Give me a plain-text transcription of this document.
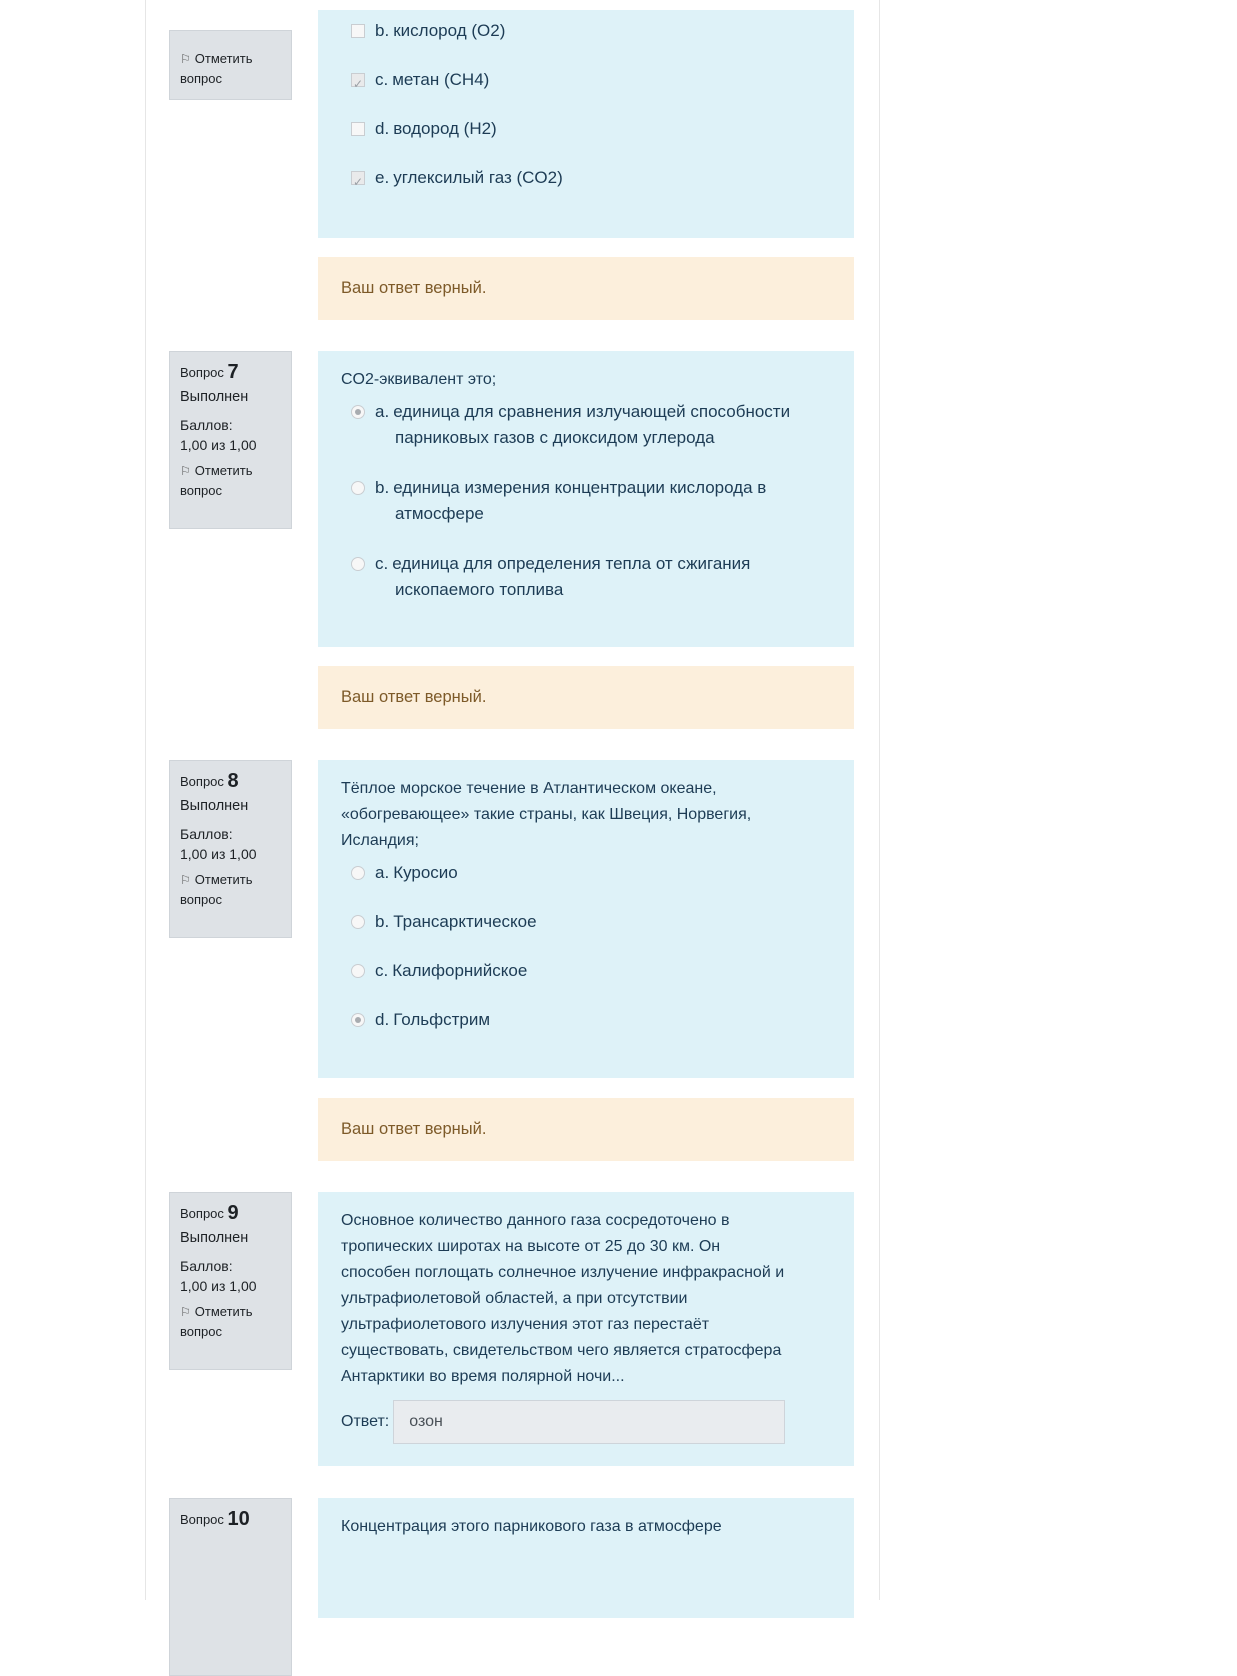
⚐ Отметить вопрос
b. кислород (O2)
✓
c. метан (CH4)
d. водород (H2)
✓
e. углексилый газ (CO2)
Ваш ответ верный.
Вопрос 7
Выполнен
Баллов:
1,00 из 1,00
⚐ Отметить вопрос
CO2-эквивалент это;
a. единица для сравнения излучающей способности
парниковых газов с диоксидом углерода
b. единица измерения концентрации кислорода в
атмосфере
c. единица для определения тепла от сжигания
ископаемого топлива
Ваш ответ верный.
Вопрос 8
Выполнен
Баллов:
1,00 из 1,00
⚐ Отметить вопрос
Тёплое морское течение в Атлантическом океане,
«обогревающее» такие страны, как Швеция, Норвегия,
Исландия;
a. Куросио
b. Трансарктическое
c. Калифорнийское
d. Гольфстрим
Ваш ответ верный.
Вопрос 9
Выполнен
Баллов:
1,00 из 1,00
⚐ Отметить вопрос
Основное количество данного газа сосредоточено в
тропических широтах на высоте от 25 до 30 км. Он
способен поглощать солнечное излучение инфракрасной и
ультрафиолетовой областей, а при отсутствии
ультрафиолетового излучения этот газ перестаёт
существовать, свидетельством чего является стратосфера
Антарктики во время полярной ночи...
Ответ: озон
Вопрос 10	Концентрация этого парникового газа в атмосфере
